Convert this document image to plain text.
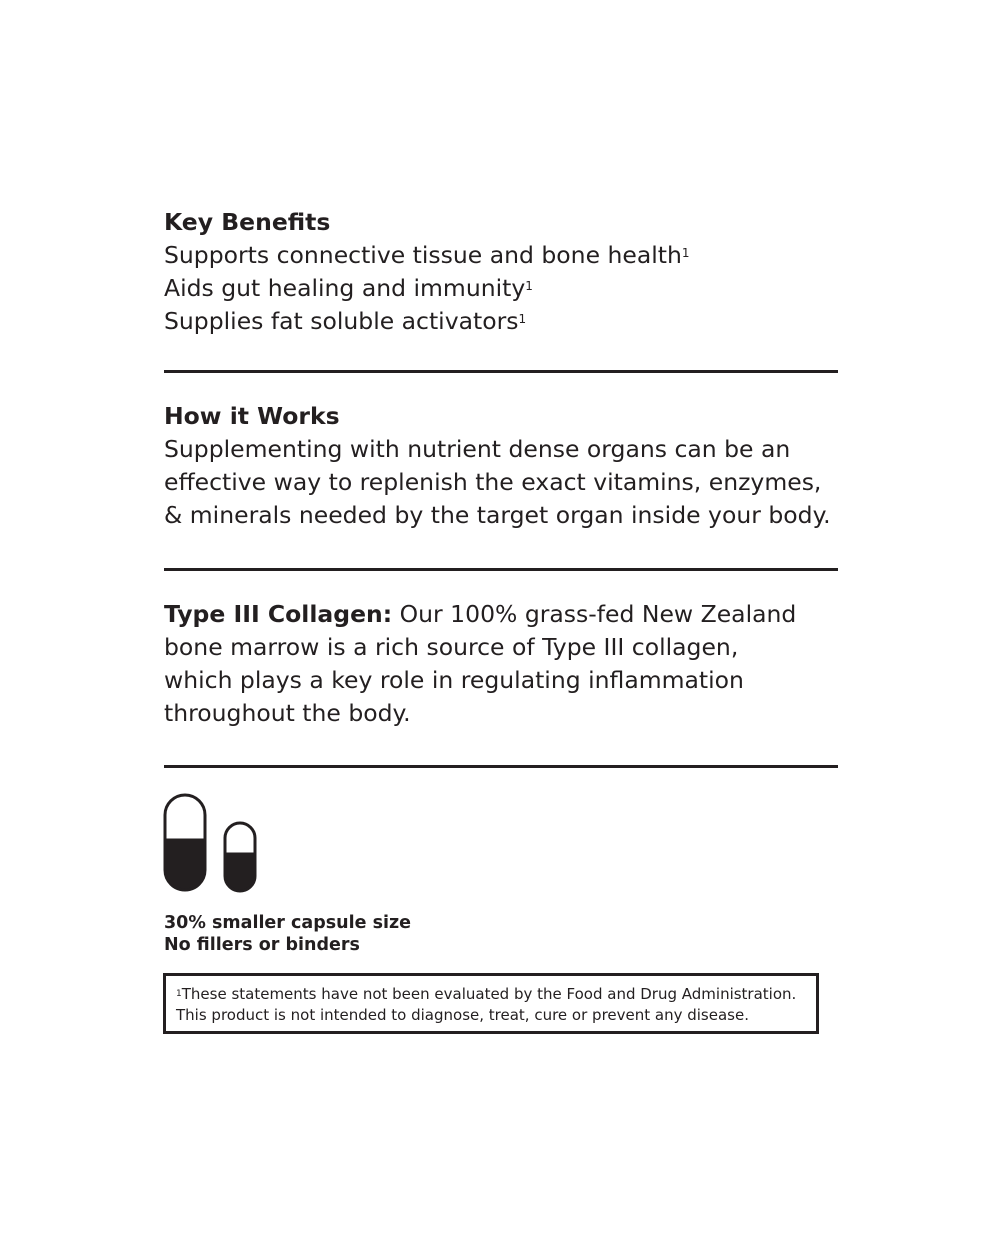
Key Benefits
Supports connective tissue and bone health$^1$
Aids gut healing and immunity$^1$
Supplies fat soluble activators$^1$
How it Works
Supplementing with nutrient dense organs can be an
effective way to replenish the exact vitamins, enzymes,
& minerals needed by the target organ inside your body.
Type III Collagen: Our 100% grass-fed New Zealand
bone marrow is a rich source of Type III collagen,
which plays a key role in regulating inflammation
throughout the body.
30% smaller capsule size
No fillers or binders
$^1$These statements have not been evaluated by the Food and Drug Administration.
This product is not intended to diagnose, treat, cure or prevent any disease.
